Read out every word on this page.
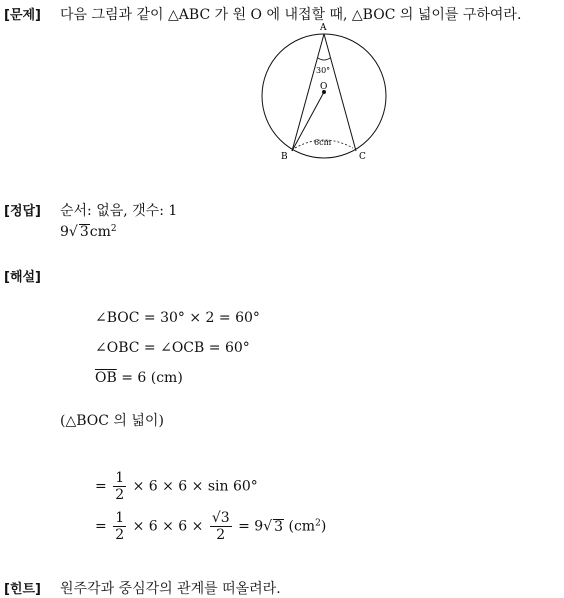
[문제] 다음 그림과 같이 △ABC 가 원 O 에 내접할 때, △BOC 의 넓이를 구하여라.
A
B	C
O
30°
6cm
[정답] 순서: 없음, 갯수: 1
9√ $3cm^2$
[해설]
∠BOC = 30° × 2 = 60°
∠OBC = ∠OCB = 60°
$\overline{OB} = 6$ (cm)
(△BOC 의 넓이)
= $\frac{1}{2} \times 6 \times 6 \times \sin 60^\circ$
= $\frac{1}{2} \times 6 \times 6 \times \frac{√3}{2} = 9√$ 3 $(cm^2)$
[힌트] 원주각과 중심각의 관계를 떠올려라.
